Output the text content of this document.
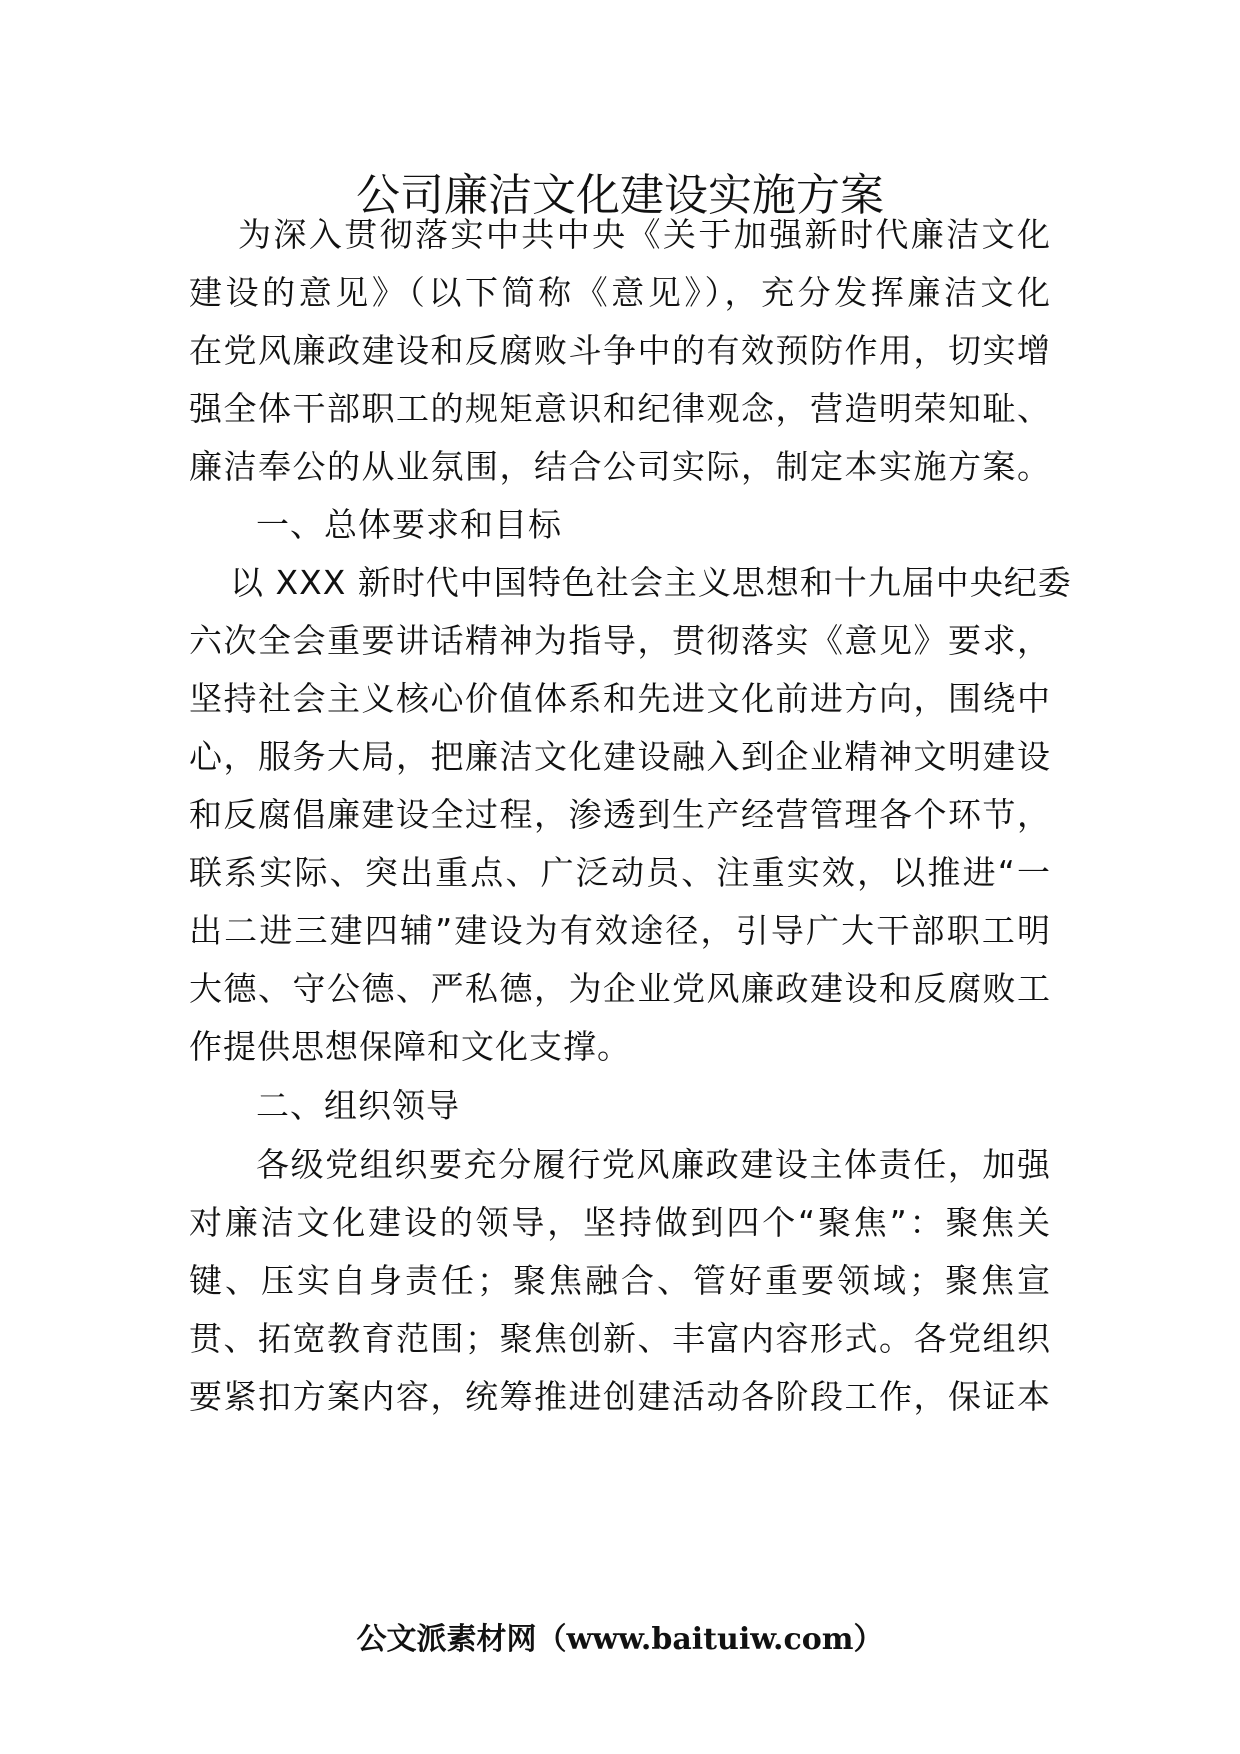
公司廉洁文化建设实施方案
为深入贯彻落实中共中央《关于加强新时代廉洁文化
建设的意见》（以下简称《意见》），充分发挥廉洁文化
在党风廉政建设和反腐败斗争中的有效预防作用，切实增
强全体干部职工的规矩意识和纪律观念，营造明荣知耻、
廉洁奉公的从业氛围，结合公司实际，制定本实施方案。
一、总体要求和目标
以 XXX 新时代中国特色社会主义思想和十九届中央纪委
六次全会重要讲话精神为指导，贯彻落实《意见》要求，
坚持社会主义核心价值体系和先进文化前进方向，围绕中
心，服务大局，把廉洁文化建设融入到企业精神文明建设
和反腐倡廉建设全过程，渗透到生产经营管理各个环节，
联系实际、突出重点、广泛动员、注重实效，以推进“一
出二进三建四辅”建设为有效途径，引导广大干部职工明
大德、守公德、严私德，为企业党风廉政建设和反腐败工
作提供思想保障和文化支撑。
二、组织领导
各级党组织要充分履行党风廉政建设主体责任，加强
对廉洁文化建设的领导，坚持做到四个“聚焦”：聚焦关
键、压实自身责任；聚焦融合、管好重要领域；聚焦宣
贯、拓宽教育范围；聚焦创新、丰富内容形式。各党组织
要紧扣方案内容，统筹推进创建活动各阶段工作，保证本
公文派素材网（www.baituiw.com）
